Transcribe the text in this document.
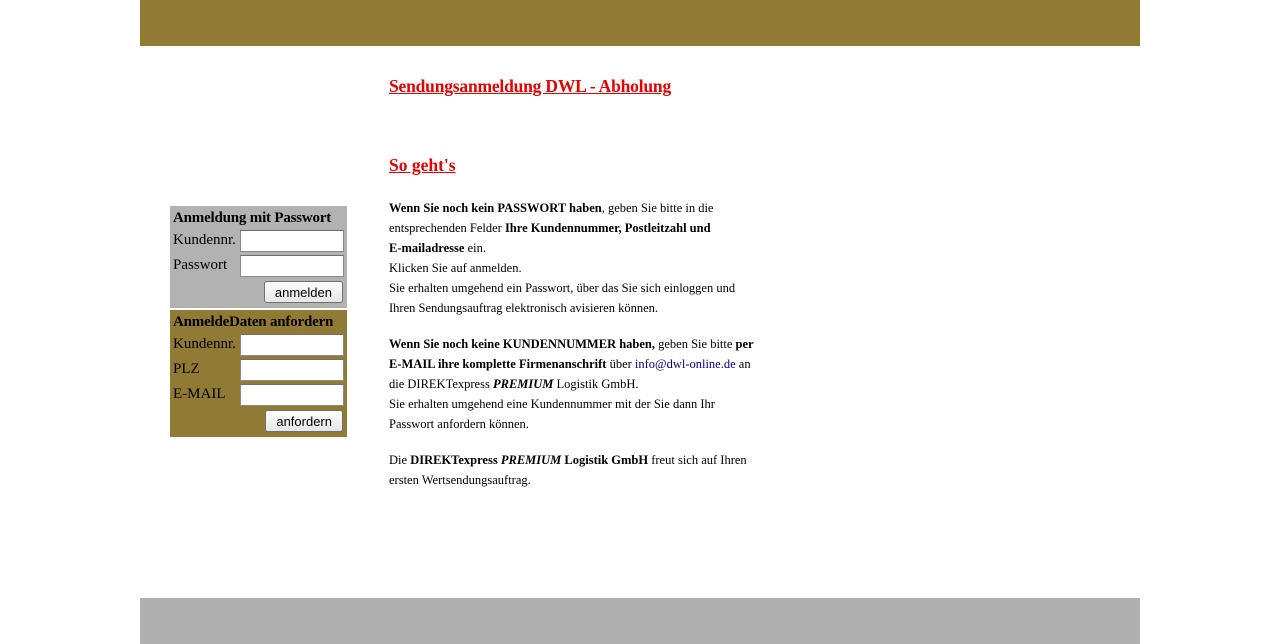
Anmeldung mit Passwort
Kundennr.
Passwort
anmelden
AnmeldeDaten anfordern
Kundennr.
PLZ
E-MAIL
anfordern
Sendungsanmeldung DWL - Abholung
So geht's
Wenn Sie noch kein PASSWORT haben, geben Sie bitte in die
entsprechenden Felder Ihre Kundennummer, Postleitzahl und
E-mailadresse ein.
Klicken Sie auf anmelden.
Sie erhalten umgehend ein Passwort, über das Sie sich einloggen und
Ihren Sendungsauftrag elektronisch avisieren können.
Wenn Sie noch keine KUNDENNUMMER haben, geben Sie bitte per
E-MAIL ihre komplette Firmenanschrift über info@dwl-online.de an
die DIREKTexpress PREMIUM Logistik GmbH.
Sie erhalten umgehend eine Kundennummer mit der Sie dann Ihr
Passwort anfordern können.
Die DIREKTexpress PREMIUM Logistik GmbH freut sich auf Ihren
ersten Wertsendungsauftrag.
